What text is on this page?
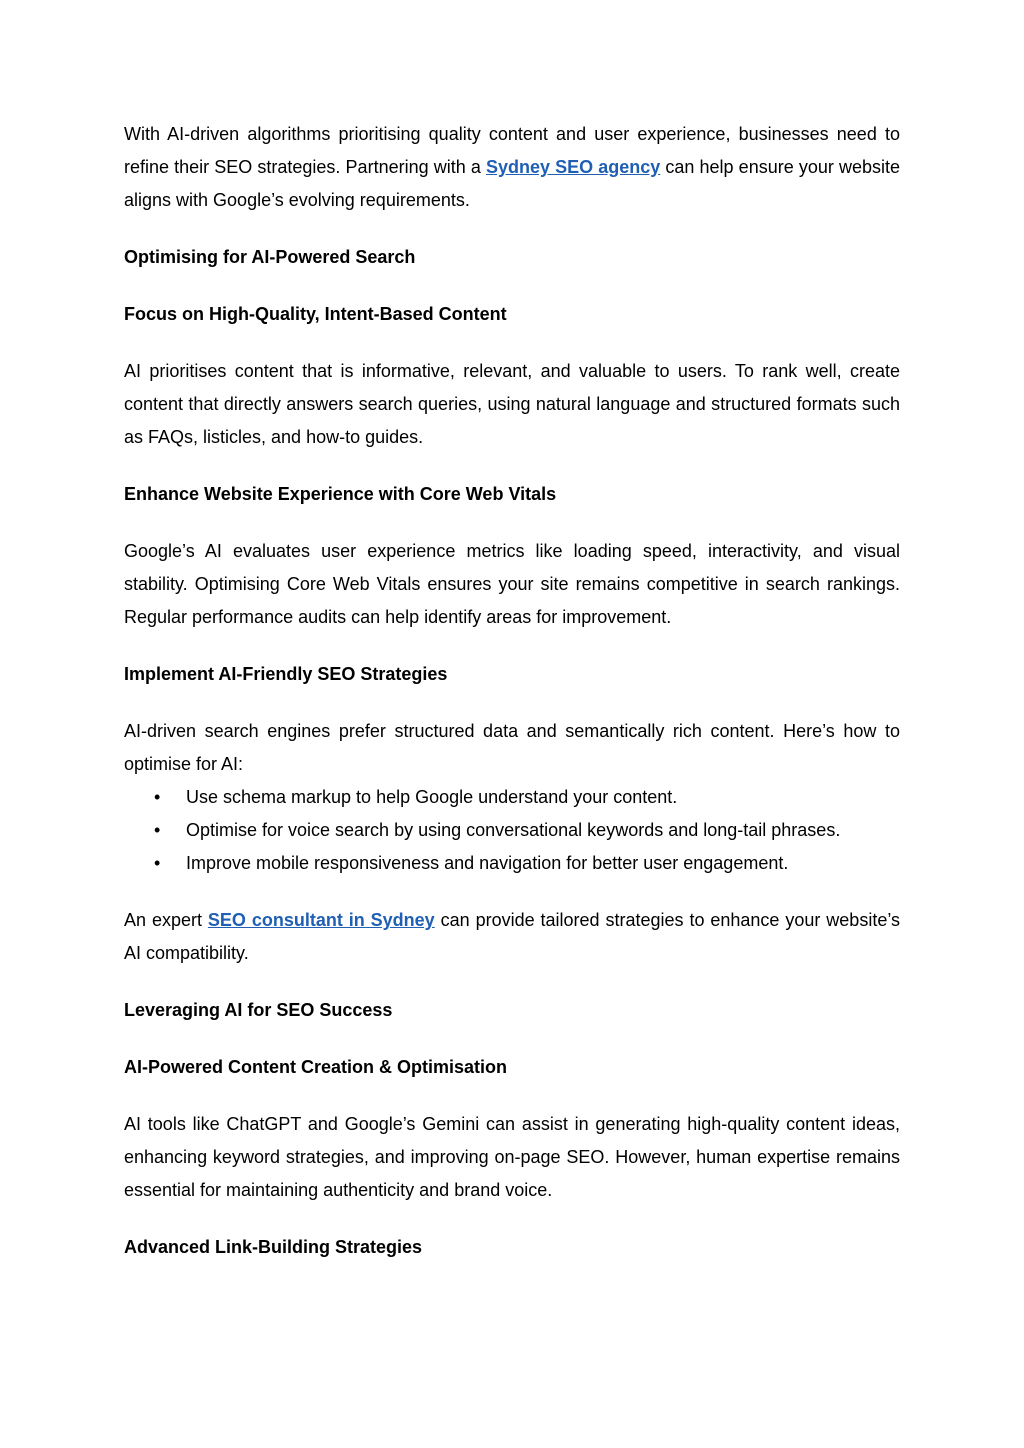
With AI-driven algorithms prioritising quality content and user experience, businesses need to refine their SEO strategies. Partnering with a Sydney SEO agency can help ensure your website aligns with Google’s evolving requirements.

Optimising for AI-Powered Search

Focus on High-Quality, Intent-Based Content

AI prioritises content that is informative, relevant, and valuable to users. To rank well, create content that directly answers search queries, using natural language and structured formats such as FAQs, listicles, and how-to guides.

Enhance Website Experience with Core Web Vitals

Google’s AI evaluates user experience metrics like loading speed, interactivity, and visual stability. Optimising Core Web Vitals ensures your site remains competitive in search rankings. Regular performance audits can help identify areas for improvement.

Implement AI-Friendly SEO Strategies

AI-driven search engines prefer structured data and semantically rich content. Here’s how to optimise for AI:

• Use schema markup to help Google understand your content.
• Optimise for voice search by using conversational keywords and long-tail phrases.
• Improve mobile responsiveness and navigation for better user engagement.

An expert SEO consultant in Sydney can provide tailored strategies to enhance your website’s AI compatibility.

Leveraging AI for SEO Success

AI-Powered Content Creation & Optimisation

AI tools like ChatGPT and Google’s Gemini can assist in generating high-quality content ideas, enhancing keyword strategies, and improving on-page SEO. However, human expertise remains essential for maintaining authenticity and brand voice.

Advanced Link-Building Strategies
